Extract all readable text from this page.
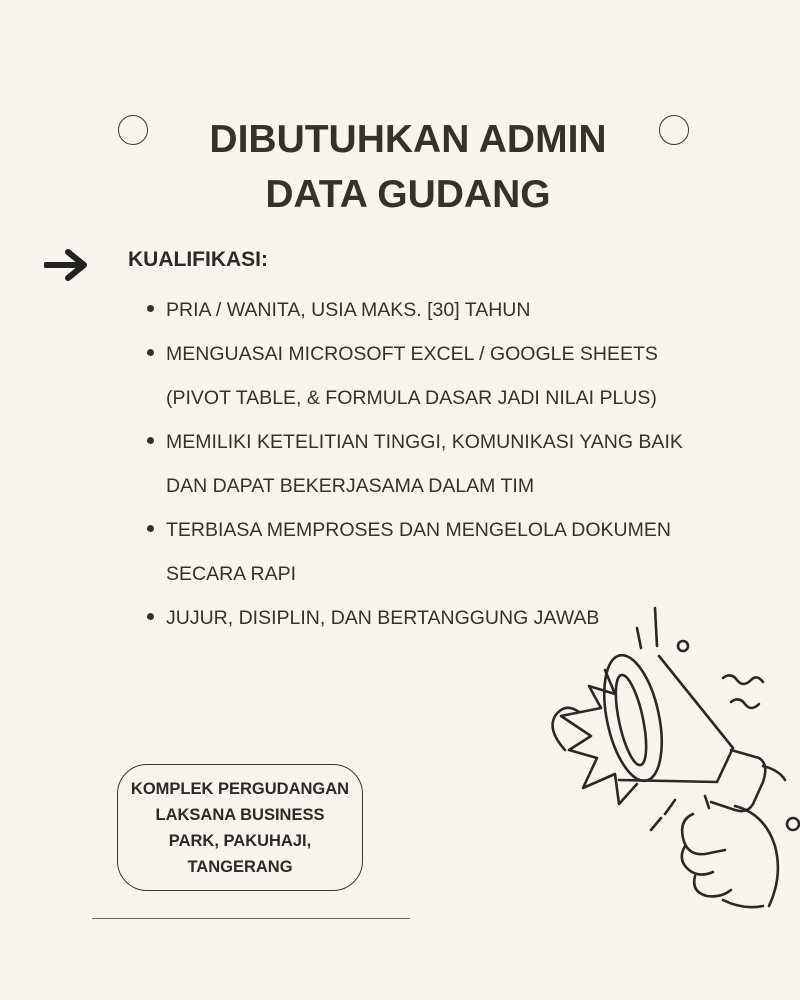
DIBUTUHKAN ADMIN
DATA GUDANG
KUALIFIKASI:
PRIA / WANITA, USIA MAKS. [30] TAHUN
MENGUASAI MICROSOFT EXCEL / GOOGLE SHEETS (PIVOT TABLE, & FORMULA DASAR JADI NILAI PLUS)
MEMILIKI KETELITIAN TINGGI, KOMUNIKASI YANG BAIK DAN DAPAT BEKERJASAMA DALAM TIM
TERBIASA MEMPROSES DAN MENGELOLA DOKUMEN SECARA RAPI
JUJUR, DISIPLIN, DAN BERTANGGUNG JAWAB
KOMPLEK PERGUDANGAN LAKSANA BUSINESS PARK, PAKUHAJI, TANGERANG
